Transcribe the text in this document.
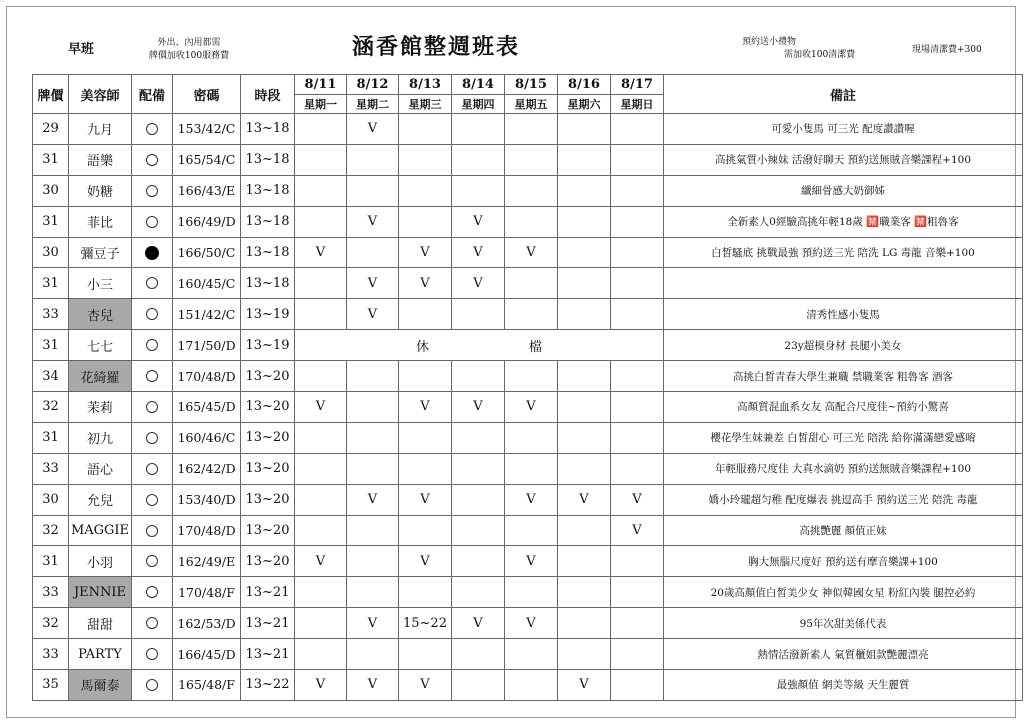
早班	外出、內用都需
牌價加收100服務費	涵香館整週班表	預約送小禮物
需加收100清潔費	現場清潔費+300
牌價	美容師	配備	密碼	時段	8/11	8/12	8/13	8/14	8/15	8/16	8/17	備註
					星期一	星期二	星期三	星期四	星期五	星期六	星期日	
29	九月		153/42/C	13~18		V						可愛小隻馬 可三光 配度讚讚喔
31	語樂		165/54/C	13~18								高挑氣質小辣妹 活潑好聊天 預約送無賊音樂課程+100
30	奶糖		166/43/E	13~18								纖細骨感大奶御姊
31	菲比		166/49/D	13~18		V		V				全新素人0經驗高挑年輕18歲 🈲職業客 🈲粗魯客
30	彌豆子		166/50/C	13~18	V		V	V	V			白皙騷底 挑戰最強 預約送三光 陪洗 LG 毒龍 音樂+100
31	小三		160/45/C	13~18		V	V	V				
33	杏兒		151/42/C	13~19		V						清秀性感小隻馬
31	七七		171/50/D	13~19	休 檔							23y超模身材 長腿小美女
34	花綺羅		170/48/D	13~20								高挑白皙青春大學生兼職 禁職業客 粗魯客 酒客
32	茉莉		165/45/D	13~20	V		V	V	V			高顏質混血系女友 高配合尺度佳~預約小驚喜
31	初九		160/46/C	13~20								櫻花學生妹兼差 白皙甜心 可三光 陪洗 給你滿滿戀愛感唷
33	語心		162/42/D	13~20								年輕服務尺度佳 大真水滴奶 預約送無賊音樂課程+100
30	允兒		153/40/D	13~20		V	V		V	V	V	嬌小玲瓏超匀稚 配度爆表 挑逗高手 預約送三光 陪洗 毒龍
32	MAGGIE		170/48/D	13~20							V	高挑艷麗 顏值正妹
31	小羽		162/49/E	13~20	V		V		V			胸大無腦尺度好 預約送有摩音樂課+100
33	JENNIE		170/48/F	13~21								20歲高顏值白皙美少女 神似韓國女星 粉紅內裝 腿控必約
32	甜甜		162/53/D	13~21		V	15~22	V	V			95年次甜美係代表
33	PARTY		166/45/D	13~21								熱情活潑新素人 氣質櫃姐款艷麗漂亮
35	馬爾泰		165/48/F	13~22	V	V	V			V		最強顏值 網美等級 天生麗質
